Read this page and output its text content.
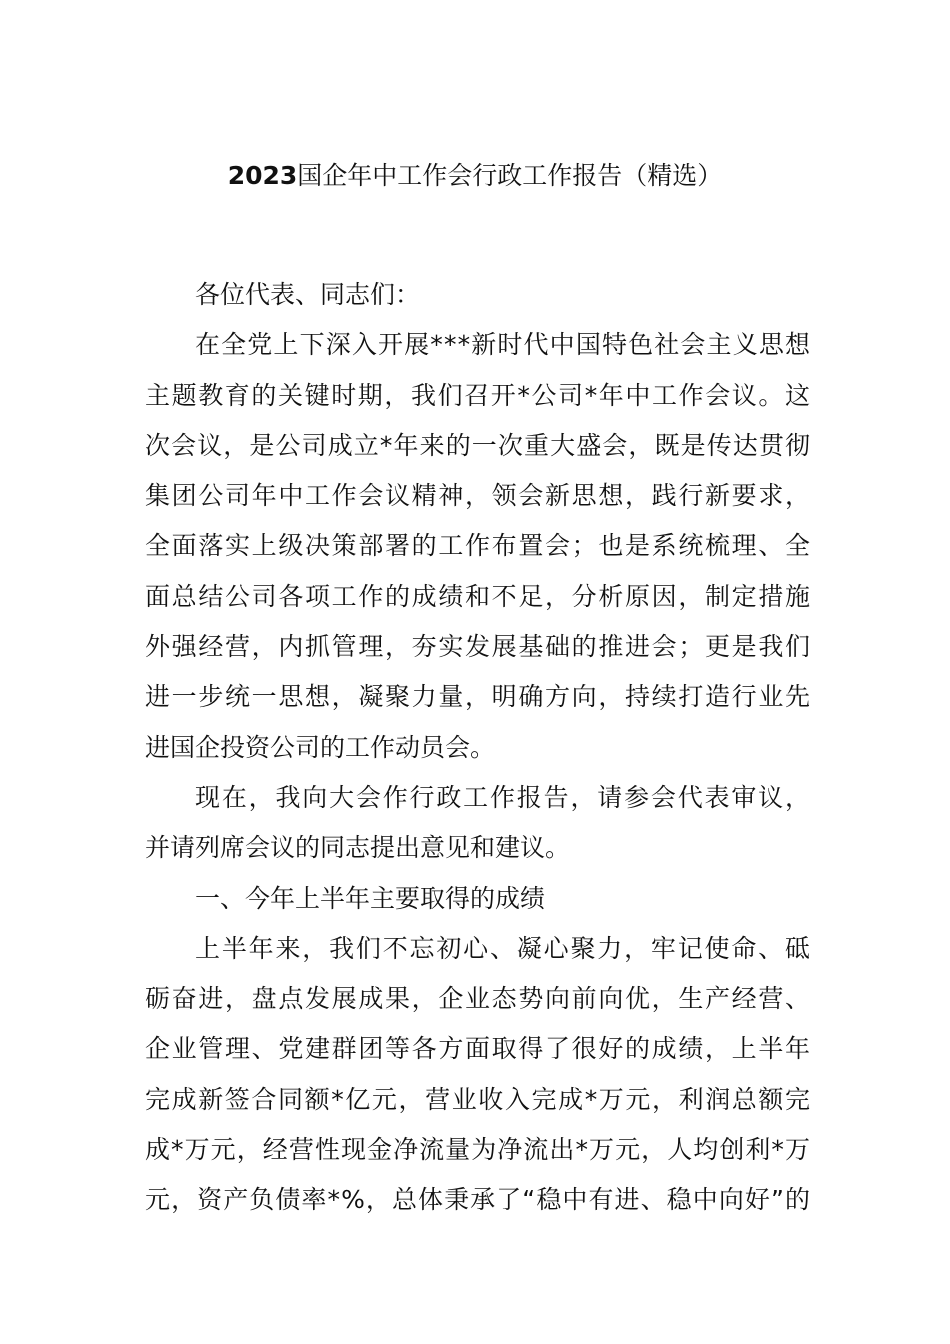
2023国企年中工作会行政工作报告（精选）
各位代表、同志们：
在全党上下深入开展***新时代中国特色社会主义思想
主题教育的关键时期，我们召开*公司*年中工作会议。这
次会议，是公司成立*年来的一次重大盛会，既是传达贯彻
集团公司年中工作会议精神，领会新思想，践行新要求，
全面落实上级决策部署的工作布置会；也是系统梳理、全
面总结公司各项工作的成绩和不足，分析原因，制定措施
外强经营，内抓管理，夯实发展基础的推进会；更是我们
进一步统一思想，凝聚力量，明确方向，持续打造行业先
进国企投资公司的工作动员会。
现在，我向大会作行政工作报告，请参会代表审议，
并请列席会议的同志提出意见和建议。
一、今年上半年主要取得的成绩
上半年来，我们不忘初心、凝心聚力，牢记使命、砥
砺奋进，盘点发展成果，企业态势向前向优，生产经营、
企业管理、党建群团等各方面取得了很好的成绩，上半年
完成新签合同额*亿元，营业收入完成*万元，利润总额完
成*万元，经营性现金净流量为净流出*万元，人均创利*万
元，资产负债率*%，总体秉承了“稳中有进、稳中向好”的
